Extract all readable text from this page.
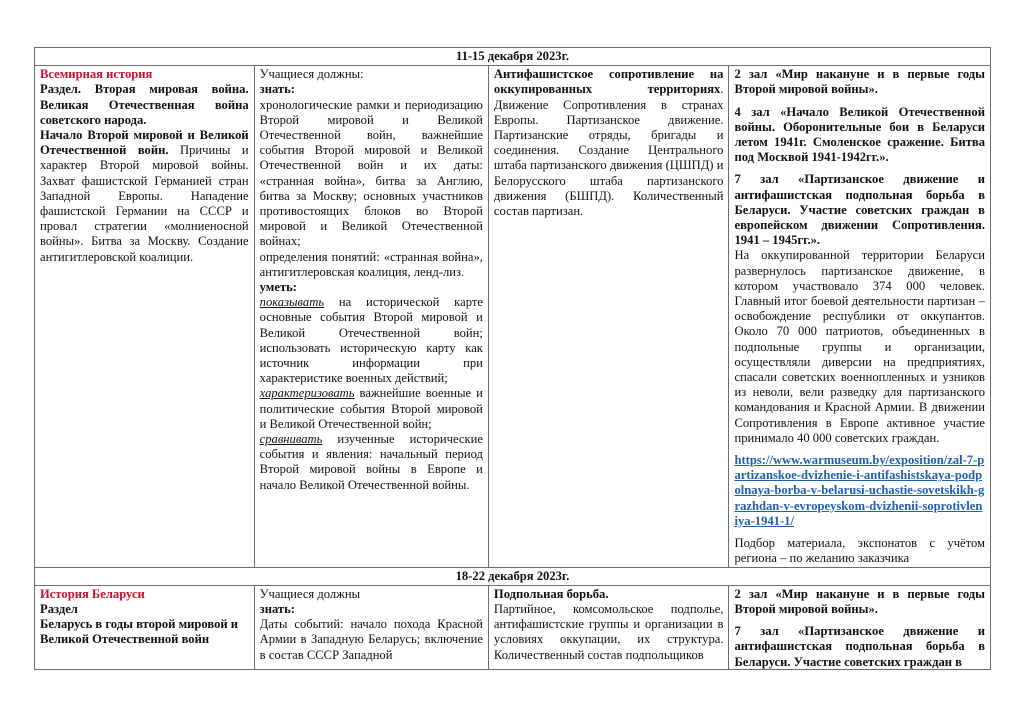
11-15 декабря 2023г.			

Всемирная история
Раздел. Вторая мировая война. Великая Отечественная война советского народа.
Начало Второй мировой и Великой Отечественной войн. Причины и характер Второй мировой войны. Захват фашистской Германией стран Западной Европы. Нападение фашистской Германии на СССР и провал стратегии «молниеносной войны». Битва за Москву. Создание антигитлеровской коалиции.

Учащиеся должны:
знать:
хронологические рамки и периодизацию Второй мировой и Великой Отечественной войн, важнейшие события Второй мировой и Великой Отечественной войн и их даты: «странная война», битва за Англию, битва за Москву; основных участников противостоящих блоков во Второй мировой и Великой Отечественной войнах;
определения понятий: «странная война», антигитлеровская коалиция, ленд-лиз.
уметь:
показывать на исторической карте основные события Второй мировой и Великой Отечественной войн; использовать историческую карту как источник информации при характеристике военных действий;
характеризовать важнейшие военные и политические события Второй мировой и Великой Отечественной войн;
сравнивать изученные исторические события и явления: начальный период Второй мировой войны в Европе и начало Великой Отечественной войны.

Антифашистское сопротивление на оккупированных территориях. Движение Сопротивления в странах Европы. Партизанское движение. Партизанские отряды, бригады и соединения. Создание Центрального штаба партизанского движения (ЦШПД) и Белорусского штаба партизанского движения (БШПД). Количественный состав партизан.

2 зал «Мир накануне и в первые годы Второй мировой войны».
4 зал «Начало Великой Отечественной войны. Оборонительные бои в Беларуси летом 1941г. Смоленское сражение. Битва под Москвой 1941-1942гг.».
7 зал «Партизанское движение и антифашистская подпольная борьба в Беларуси. Участие советских граждан в европейском движении Сопротивления. 1941 – 1945гг.».
На оккупированной территории Беларуси развернулось партизанское движение, в котором участвовало 374 000 человек. Главный итог боевой деятельности партизан – освобождение республики от оккупантов. Около 70 000 патриотов, объединенных в подпольные группы и организации, осуществляли диверсии на предприятиях, спасали советских военнопленных и узников из неволи, вели разведку для партизанского командования и Красной Армии. В движении Сопротивления в Европе активное участие принимало 40 000 советских граждан.
https://www.warmuseum.by/exposition/zal-7-partizanskoe-dvizhenie-i-antifashistskaya-podpolnaya-borba-v-belarusi-uchastie-sovetskikh-grazhdan-v-evropeyskom-dvizhenii-soprotivleniya-1941-1/
Подбор материала, экспонатов с учётом региона – по желанию заказчика

18-22 декабря 2023г.			

История Беларуси
Раздел
Беларусь в годы второй мировой и Великой Отечественной войн

Учащиеся должны
знать:
Даты событий: начало похода Красной Армии в Западную Беларусь; включение в состав СССР Западной

Подпольная борьба.
Партийное, комсомольское подполье, антифашистские группы и организации в условиях оккупации, их структура. Количественный состав подпольщиков

2 зал «Мир накануне и в первые годы Второй мировой войны».
7 зал «Партизанское движение и антифашистская подпольная борьба в Беларуси. Участие советских граждан в
